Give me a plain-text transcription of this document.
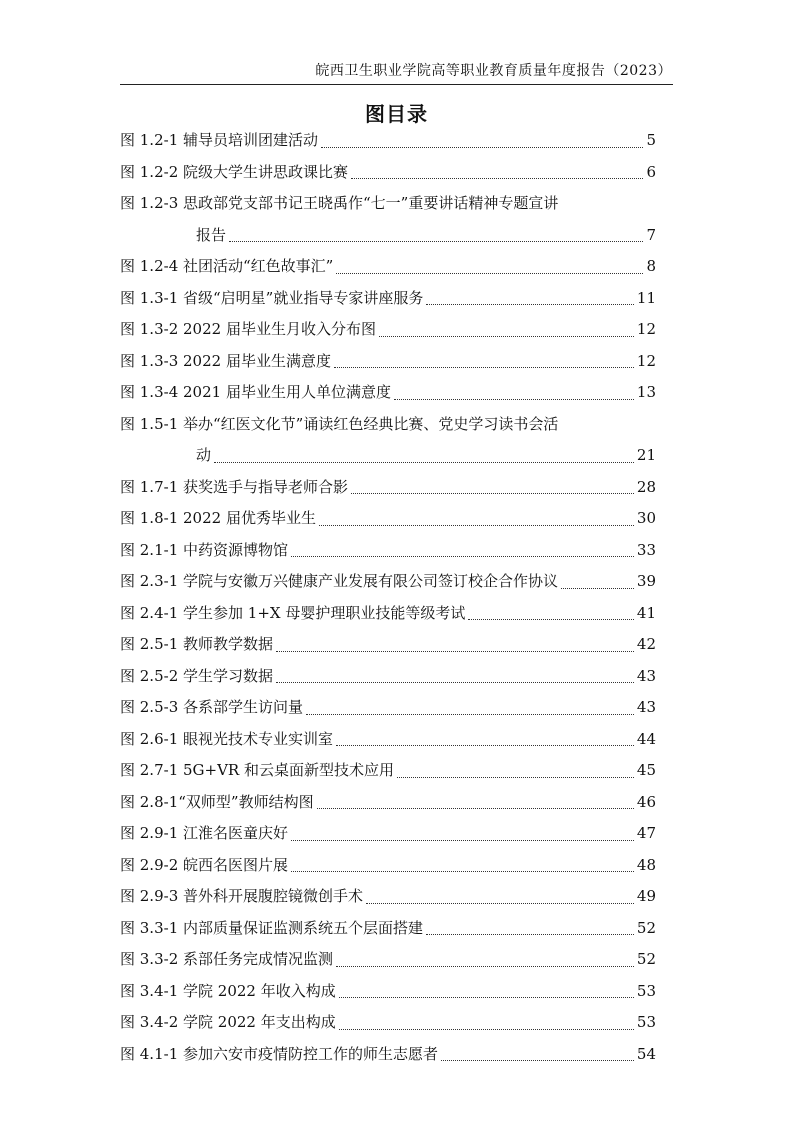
皖西卫生职业学院高等职业教育质量年度报告（2023）
图目录
图 1.2-1 辅导员培训团建活动	5
图 1.2-2 院级大学生讲思政课比赛	6
图 1.2-3 思政部党支部书记王晓禹作“七一”重要讲话精神专题宣讲
报告	7
图 1.2-4 社团活动“红色故事汇”	8
图 1.3-1 省级“启明星”就业指导专家讲座服务	11
图 1.3-2 2022 届毕业生月收入分布图	12
图 1.3-3 2022 届毕业生满意度	12
图 1.3-4 2021 届毕业生用人单位满意度	13
图 1.5-1 举办“红医文化节”诵读红色经典比赛、党史学习读书会活
动	21
图 1.7-1 获奖选手与指导老师合影	28
图 1.8-1 2022 届优秀毕业生	30
图 2.1-1 中药资源博物馆	33
图 2.3-1 学院与安徽万兴健康产业发展有限公司签订校企合作协议	39
图 2.4-1 学生参加 1+X 母婴护理职业技能等级考试	41
图 2.5-1 教师教学数据	42
图 2.5-2 学生学习数据	43
图 2.5-3 各系部学生访问量	43
图 2.6-1 眼视光技术专业实训室	44
图 2.7-1 5G+VR 和云桌面新型技术应用	45
图 2.8-1“双师型”教师结构图	46
图 2.9-1 江淮名医童庆好	47
图 2.9-2 皖西名医图片展	48
图 2.9-3 普外科开展腹腔镜微创手术	49
图 3.3-1 内部质量保证监测系统五个层面搭建	52
图 3.3-2 系部任务完成情况监测	52
图 3.4-1 学院 2022 年收入构成	53
图 3.4-2 学院 2022 年支出构成	53
图 4.1-1 参加六安市疫情防控工作的师生志愿者	54
